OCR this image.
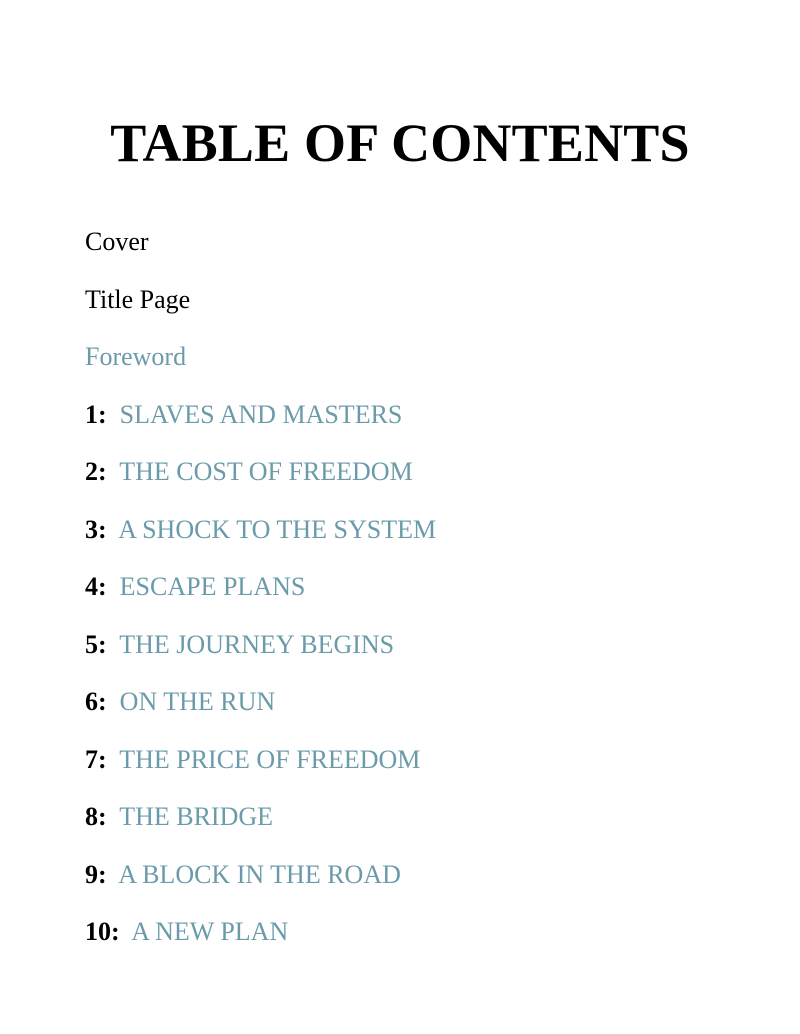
TABLE OF CONTENTS
Cover
Title Page
Foreword
1:  SLAVES AND MASTERS
2:  THE COST OF FREEDOM
3:  A SHOCK TO THE SYSTEM
4:  ESCAPE PLANS
5:  THE JOURNEY BEGINS
6:  ON THE RUN
7:  THE PRICE OF FREEDOM
8:  THE BRIDGE
9:  A BLOCK IN THE ROAD
10:  A NEW PLAN
